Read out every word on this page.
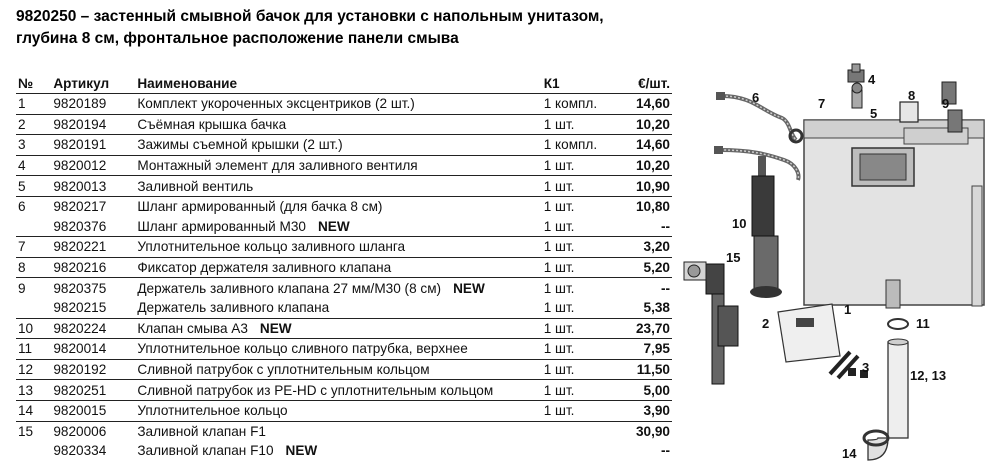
9820250 – застенный смывной бачок для установки с напольным унитазом,
глубина 8 см, фронтальное расположение панели смыва
№	Артикул	Наименование	К1	€/шт.
1	9820189	Комплект укороченных эксцентриков (2 шт.)	1 компл.	14,60
2	9820194	Съёмная крышка бачка	1 шт.	10,20
3	9820191	Зажимы съемной крышки (2 шт.)	1 компл.	14,60
4	9820012	Монтажный элемент для заливного вентиля	1 шт.	10,20
5	9820013	Заливной вентиль	1 шт.	10,90
6	9820217	Шланг армированный (для бачка 8 см)	1 шт.	10,80
	9820376	Шланг армированный М30 NEW	1 шт.	--
7	9820221	Уплотнительное кольцо заливного шланга	1 шт.	3,20
8	9820216	Фиксатор держателя заливного клапана	1 шт.	5,20
9	9820375	Держатель заливного клапана 27 мм/М30 (8 см) NEW	1 шт.	--
	9820215	Держатель заливного клапана	1 шт.	5,38
10	9820224	Клапан смыва А3 NEW	1 шт.	23,70
11	9820014	Уплотнительное кольцо сливного патрубка, верхнее	1 шт.	7,95
12	9820192	Сливной патрубок с уплотнительным кольцом	1 шт.	11,50
13	9820251	Сливной патрубок из PE-HD с уплотнительным кольцом	1 шт.	5,00
14	9820015	Уплотнительное кольцо	1 шт.	3,90
15	9820006	Заливной клапан F1		30,90
	9820334	Заливной клапан F10 NEW		--
4
5
8
9
6	7
10
15
2
1
3
11
12, 13
14
